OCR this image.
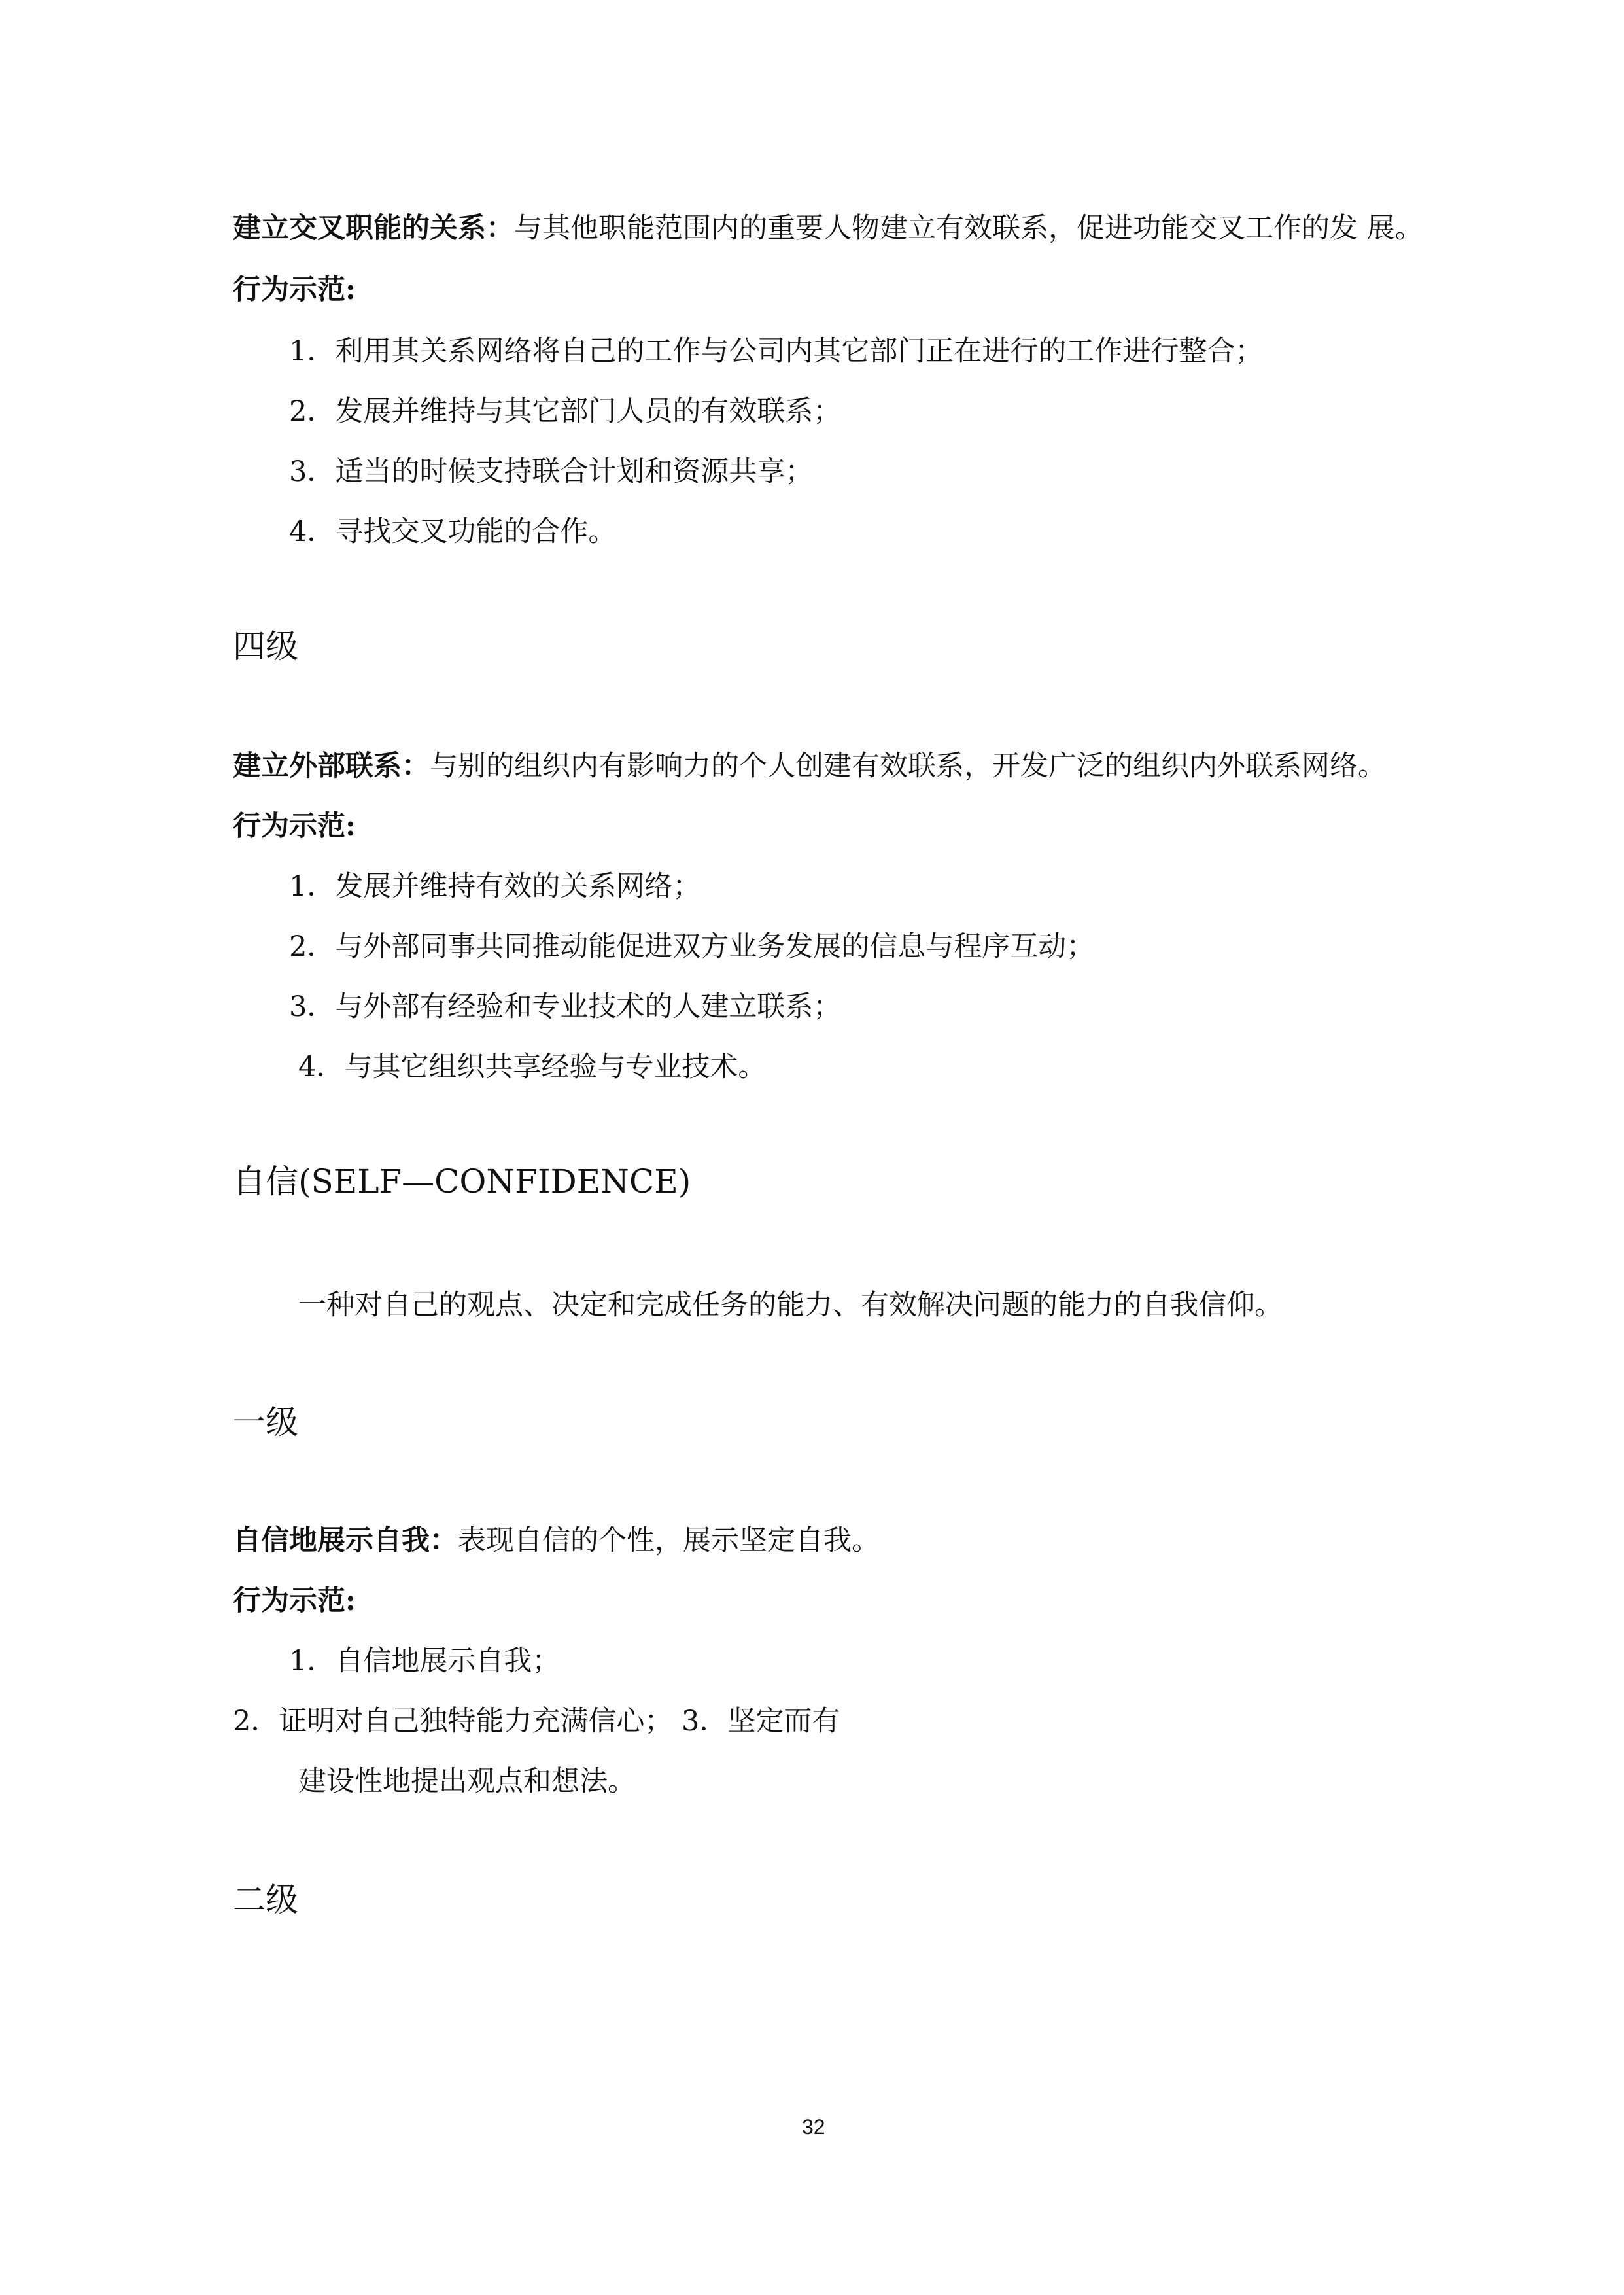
建立交叉职能的关系：与其他职能范围内的重要人物建立有效联系，促进功能交叉工作的发 展。
行为示范:
1．利用其关系网络将自己的工作与公司内其它部门正在进行的工作进行整合；
2．发展并维持与其它部门人员的有效联系；
3．适当的时候支持联合计划和资源共享；
4．寻找交叉功能的合作。
四级
建立外部联系：与别的组织内有影响力的个人创建有效联系，开发广泛的组织内外联系网络。
行为示范:
1．发展并维持有效的关系网络；
2．与外部同事共同推动能促进双方业务发展的信息与程序互动；
3．与外部有经验和专业技术的人建立联系；
4．与其它组织共享经验与专业技术。
自信(SELF—CONFIDENCE)
一种对自己的观点、决定和完成任务的能力、有效解决问题的能力的自我信仰。
一级
自信地展示自我：表现自信的个性，展示坚定自我。
行为示范:
1．自信地展示自我；
2．证明对自己独特能力充满信心； 3．坚定而有
建设性地提出观点和想法。
二级
32
